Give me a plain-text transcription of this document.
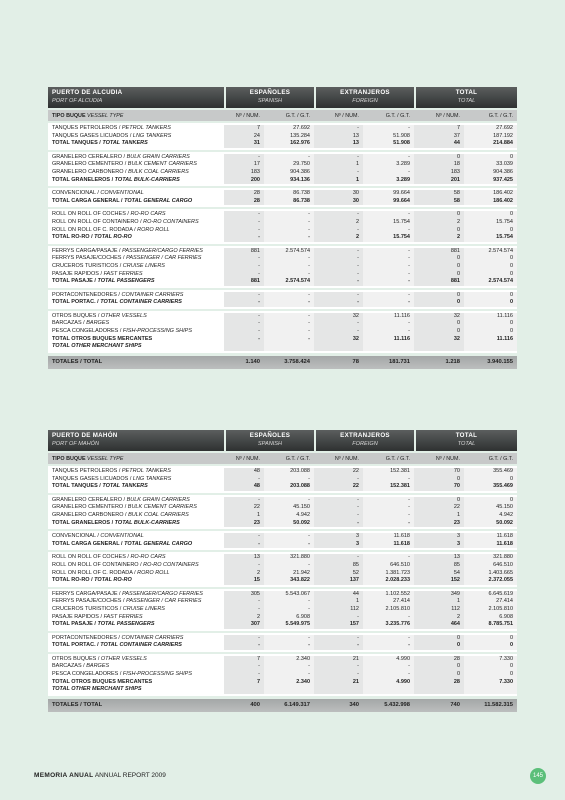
PUERTO DE ALCUDIA
PORT OF ALCUDIA
ESPAÑOLES
SPANISH
EXTRANJEROS
FOREIGN
TOTAL
TOTAL
TIPO BUQUE VESSEL TYPE	Nº / NUM.	G.T. / G.T.	Nº / NUM.	G.T. / G.T.	Nº / NUM.	G.T. / G.T.
TANQUES PETROLEROS / PETROL TANKERS	7	27.692	-	-	7	27.692
TANQUES GASES LICUADOS / LNG TANKERS	24	135.284	13	51.908	37	187.192
TOTAL TANQUES / TOTAL TANKERS	31	162.976	13	51.908	44	214.884
GRANELERO CEREALERO / BULK GRAIN CARRIERS	-	-	-	-	0	0
GRANELERO CEMENTERO / BULK CEMENT CARRIERS	17	29.750	1	3.289	18	33.039
GRANELERO CARBONERO / BULK COAL CARRIERS	183	904.386	-	-	183	904.386
TOTAL GRANELEROS / TOTAL BULK-CARRIERS	200	934.136	1	3.289	201	937.425
CONVENCIONAL / CONVENTIONAL	28	86.738	30	99.664	58	186.402
TOTAL CARGA GENERAL / TOTAL GENERAL CARGO	28	86.738	30	99.664	58	186.402
ROLL ON ROLL OF COCHES / RO-RO CARS	-	-	-	-	0	0
ROLL ON ROLL OF CONTAINERO / RO-RO CONTAINERS	-	-	2	15.754	2	15.754
ROLL ON ROLL OF C. RODADA / RORO ROLL	-	-	-	-	0	0
TOTAL RO-RO / TOTAL RO-RO	-	-	2	15.754	2	15.754
FERRYS CARGA/PASAJE / PASSENGER/CARGO FERRIES	881	2.574.574	-	-	881	2.574.574
FERRYS PASAJE/COCHES / PASSENGER / CAR FERRIES	-	-	-	-	0	0
CRUCEROS TURISTICOS / CRUISE LINERS	-	-	-	-	0	0
PASAJE RAPIDOS / FAST FERRIES	-	-	-	-	0	0
TOTAL PASAJE / TOTAL PASSENGERS	881	2.574.574	-	-	881	2.574.574
PORTACONTENEDORES / CONTAINER CARRIERS	-	-	-	-	0	0
TOTAL PORTAC. / TOTAL CONTAINER CARRIERS	-	-	-	-	0	0
OTROS BUQUES / OTHER VESSELS	-	-	32	11.116	32	11.116
BARCAZAS / BARGES	-	-	-	-	0	0
PESCA CONGELADORES / FISH-PROCESSING SHIPS	-	-	-	-	0	0
TOTAL OTROS BUQUES MERCANTES	-	-	32	11.116	32	11.116
TOTAL OTHER MERCHANT SHIPS
TOTALES / TOTAL	1.140	3.758.424	78	181.731	1.218	3.940.155
PUERTO DE MAHÓN
PORT OF MAHÓN
ESPAÑOLES
SPANISH
EXTRANJEROS
FOREIGN
TOTAL
TOTAL
TIPO BUQUE VESSEL TYPE	Nº / NUM.	G.T. / G.T.	Nº / NUM.	G.T. / G.T.	Nº / NUM.	G.T. / G.T.
TANQUES PETROLEROS / PETROL TANKERS	48	203.088	22	152.381	70	355.469
TANQUES GASES LICUADOS / LNG TANKERS	-	-	-	-	0	0
TOTAL TANQUES / TOTAL TANKERS	48	203.088	22	152.381	70	355.469
GRANELERO CEREALERO / BULK GRAIN CARRIERS	-	-	-	-	0	0
GRANELERO CEMENTERO / BULK CEMENT CARRIERS	22	45.150	-	-	22	45.150
GRANELERO CARBONERO / BULK COAL CARRIERS	1	4.942	-	-	1	4.942
TOTAL GRANELEROS / TOTAL BULK-CARRIERS	23	50.092	-	-	23	50.092
CONVENCIONAL / CONVENTIONAL	-	-	3	11.618	3	11.618
TOTAL CARGA GENERAL / TOTAL GENERAL CARGO	-	-	3	11.618	3	11.618
ROLL ON ROLL OF COCHES / RO-RO CARS	13	321.880	-	-	13	321.880
ROLL ON ROLL OF CONTAINERO / RO-RO CONTAINERS	-	-	85	646.510	85	646.510
ROLL ON ROLL OF C. RODADA / RORO ROLL	2	21.942	52	1.381.723	54	1.403.665
TOTAL RO-RO / TOTAL RO-RO	15	343.822	137	2.028.233	152	2.372.055
FERRYS CARGA/PASAJE / PASSENGER/CARGO FERRIES	305	5.543.067	44	1.102.552	349	6.645.619
FERRYS PASAJE/COCHES / PASSENGER / CAR FERRIES	-	-	1	27.414	1	27.414
CRUCEROS TURISTICOS / CRUISE LINERS	-	-	112	2.105.810	112	2.105.810
PASAJE RAPIDOS / FAST FERRIES	2	6.908	-	-	2	6.908
TOTAL PASAJE / TOTAL PASSENGERS	307	5.549.975	157	3.235.776	464	8.785.751
PORTACONTENEDORES / CONTAINER CARRIERS	-	-	-	-	0	0
TOTAL PORTAC. / TOTAL CONTAINER CARRIERS	-	-	-	-	0	0
OTROS BUQUES / OTHER VESSELS	7	2.340	21	4.990	28	7.330
BARCAZAS / BARGES	-	-	-	-	0	0
PESCA CONGELADORES / FISH-PROCESSING SHIPS	-	-	-	-	0	0
TOTAL OTROS BUQUES MERCANTES	7	2.340	21	4.990	28	7.330
TOTAL OTHER MERCHANT SHIPS
TOTALES / TOTAL	400	6.149.317	340	5.432.998	740	11.582.315
MEMORIA ANUAL ANNUAL REPORT 2009	145
